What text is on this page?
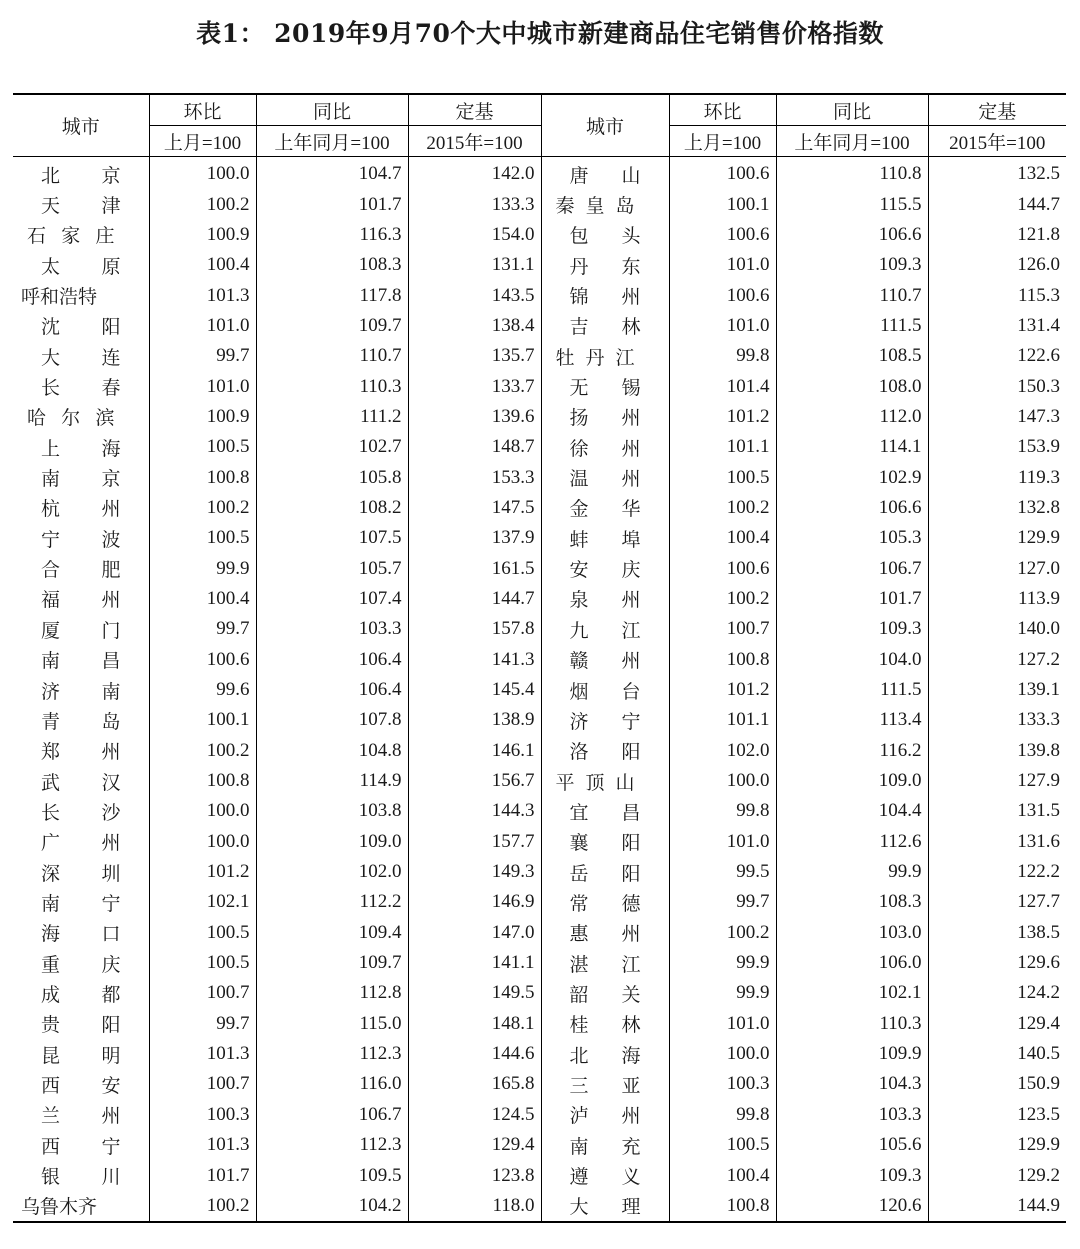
表1： 2019年9月70个大中城市新建商品住宅销售价格指数
城市	环比	同比	定基	城市	环比	同比	定基
	上月=100	上年同月=100	2015年=100		上月=100	上年同月=100	2015年=100

北 京	100.0	104.7	142.0	唐 山	100.6	110.8	132.5

天 津	100.2	101.7	133.3	秦 皇 岛	100.1	115.5	144.7

石 家 庄	100.9	116.3	154.0	包 头	100.6	106.6	121.8

太 原	100.4	108.3	131.1	丹 东	101.0	109.3	126.0

呼和浩特	101.3	117.8	143.5	锦 州	100.6	110.7	115.3

沈 阳	101.0	109.7	138.4	吉 林	101.0	111.5	131.4

大 连	99.7	110.7	135.7	牡 丹 江	99.8	108.5	122.6

长 春	101.0	110.3	133.7	无 锡	101.4	108.0	150.3

哈 尔 滨	100.9	111.2	139.6	扬 州	101.2	112.0	147.3

上 海	100.5	102.7	148.7	徐 州	101.1	114.1	153.9

南 京	100.8	105.8	153.3	温 州	100.5	102.9	119.3

杭 州	100.2	108.2	147.5	金 华	100.2	106.6	132.8

宁 波	100.5	107.5	137.9	蚌 埠	100.4	105.3	129.9

合 肥	99.9	105.7	161.5	安 庆	100.6	106.7	127.0

福 州	100.4	107.4	144.7	泉 州	100.2	101.7	113.9

厦 门	99.7	103.3	157.8	九 江	100.7	109.3	140.0

南 昌	100.6	106.4	141.3	赣 州	100.8	104.0	127.2

济 南	99.6	106.4	145.4	烟 台	101.2	111.5	139.1

青 岛	100.1	107.8	138.9	济 宁	101.1	113.4	133.3

郑 州	100.2	104.8	146.1	洛 阳	102.0	116.2	139.8

武 汉	100.8	114.9	156.7	平 顶 山	100.0	109.0	127.9

长 沙	100.0	103.8	144.3	宜 昌	99.8	104.4	131.5

广 州	100.0	109.0	157.7	襄 阳	101.0	112.6	131.6

深 圳	101.2	102.0	149.3	岳 阳	99.5	99.9	122.2

南 宁	102.1	112.2	146.9	常 德	99.7	108.3	127.7

海 口	100.5	109.4	147.0	惠 州	100.2	103.0	138.5

重 庆	100.5	109.7	141.1	湛 江	99.9	106.0	129.6

成 都	100.7	112.8	149.5	韶 关	99.9	102.1	124.2

贵 阳	99.7	115.0	148.1	桂 林	101.0	110.3	129.4

昆 明	101.3	112.3	144.6	北 海	100.0	109.9	140.5

西 安	100.7	116.0	165.8	三 亚	100.3	104.3	150.9

兰 州	100.3	106.7	124.5	泸 州	99.8	103.3	123.5

西 宁	101.3	112.3	129.4	南 充	100.5	105.6	129.9

银 川	101.7	109.5	123.8	遵 义	100.4	109.3	129.2

乌鲁木齐	100.2	104.2	118.0	大 理	100.8	120.6	144.9
